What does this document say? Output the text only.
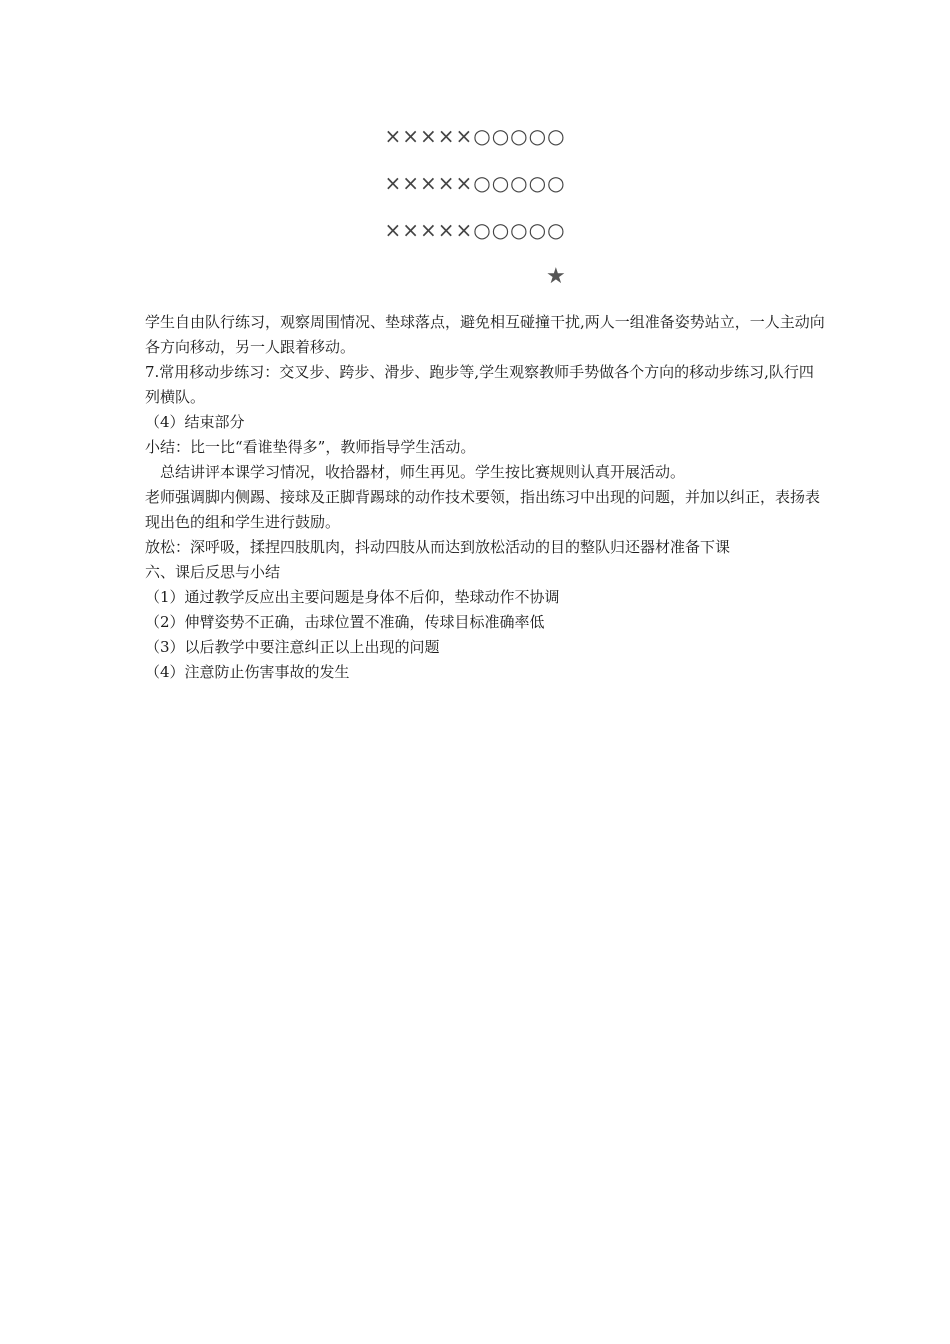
×××××○○○○○
×××××○○○○○
×××××○○○○○
★

学生自由队行练习，观察周围情况、垫球落点，避免相互碰撞干扰,两人一组准备姿势站立，一人主动向各方向移动，另一人跟着移动。

7.常用移动步练习：交叉步、跨步、滑步、跑步等,学生观察教师手势做各个方向的移动步练习,队行四列横队。

（4）结束部分

小结：比一比“看谁垫得多”，教师指导学生活动。

总结讲评本课学习情况，收拾器材，师生再见。学生按比赛规则认真开展活动。

老师强调脚内侧踢、接球及正脚背踢球的动作技术要领，指出练习中出现的问题，并加以纠正，表扬表现出色的组和学生进行鼓励。

放松：深呼吸，揉捏四肢肌肉，抖动四肢从而达到放松活动的目的整队归还器材准备下课

六、课后反思与小结

（1）通过教学反应出主要问题是身体不后仰，垫球动作不协调

（2）伸臂姿势不正确，击球位置不准确，传球目标准确率低

（3）以后教学中要注意纠正以上出现的问题

（4）注意防止伤害事故的发生
